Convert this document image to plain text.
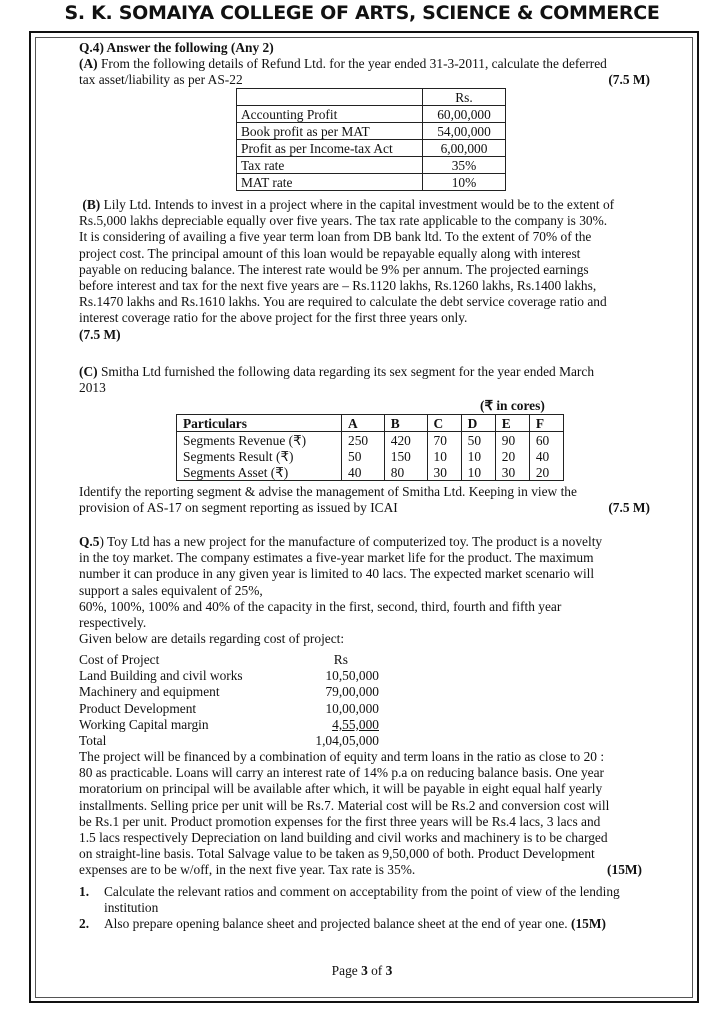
S. K. SOMAIYA COLLEGE OF ARTS, SCIENCE & COMMERCE
Q.4) Answer the following (Any 2)
(A) From the following details of Refund Ltd. for the year ended 31-3-2011, calculate the deferred
tax asset/liability as per AS-22	(7.5 M)
	Rs.
Accounting Profit	60,00,000
Book profit as per MAT	54,00,000
Profit as per Income-tax Act	6,00,000
Tax rate	35%
MAT rate	10%
(B) Lily Ltd. Intends to invest in a project where in the capital investment would be to the extent of
Rs.5,000 lakhs depreciable equally over five years. The tax rate applicable to the company is 30%.
It is considering of availing a five year term loan from DB bank ltd. To the extent of 70% of the
project cost. The principal amount of this loan would be repayable equally along with interest
payable on reducing balance. The interest rate would be 9% per annum. The projected earnings
before interest and tax for the next five years are – Rs.1120 lakhs, Rs.1260 lakhs, Rs.1400 lakhs,
Rs.1470 lakhs and Rs.1610 lakhs. You are required to calculate the debt service coverage ratio and
interest coverage ratio for the above project for the first three years only.
(7.5 M)
(C) Smitha Ltd furnished the following data regarding its sex segment for the year ended March
2013
(₹ in cores)
Particulars	A	B	C	D	E	F
Segments Revenue (₹)	250	420	70	50	90	60
Segments Result (₹)	50	150	10	10	20	40
Segments Asset (₹)	40	80	30	10	30	20
Identify the reporting segment & advise the management of Smitha Ltd. Keeping in view the
provision of AS-17 on segment reporting as issued by ICAI	(7.5 M)
Q.5) Toy Ltd has a new project for the manufacture of computerized toy. The product is a novelty
in the toy market. The company estimates a five-year market life for the product. The maximum
number it can produce in any given year is limited to 40 lacs. The expected market scenario will
support a sales equivalent of 25%,
60%, 100%, 100% and 40% of the capacity in the first, second, third, fourth and fifth year
respectively.
Given below are details regarding cost of project:
Cost of Project	Rs
Land Building and civil works	10,50,000
Machinery and equipment	79,00,000
Product Development	10,00,000
Working Capital margin	4,55,000
Total	1,04,05,000
The project will be financed by a combination of equity and term loans in the ratio as close to 20 :
80 as practicable. Loans will carry an interest rate of 14% p.a on reducing balance basis. One year
moratorium on principal will be available after which, it will be payable in eight equal half yearly
installments. Selling price per unit will be Rs.7. Material cost will be Rs.2 and conversion cost will
be Rs.1 per unit. Product promotion expenses for the first three years will be Rs.4 lacs, 3 lacs and
1.5 lacs respectively Depreciation on land building and civil works and machinery is to be charged
on straight-line basis. Total Salvage value to be taken as 9,50,000 of both. Product Development
expenses are to be w/off, in the next five year. Tax rate is 35%.	(15M)
1.	Calculate the relevant ratios and comment on acceptability from the point of view of the lending
institution
2.	Also prepare opening balance sheet and projected balance sheet at the end of year one. (15M)
Page 3 of 3
